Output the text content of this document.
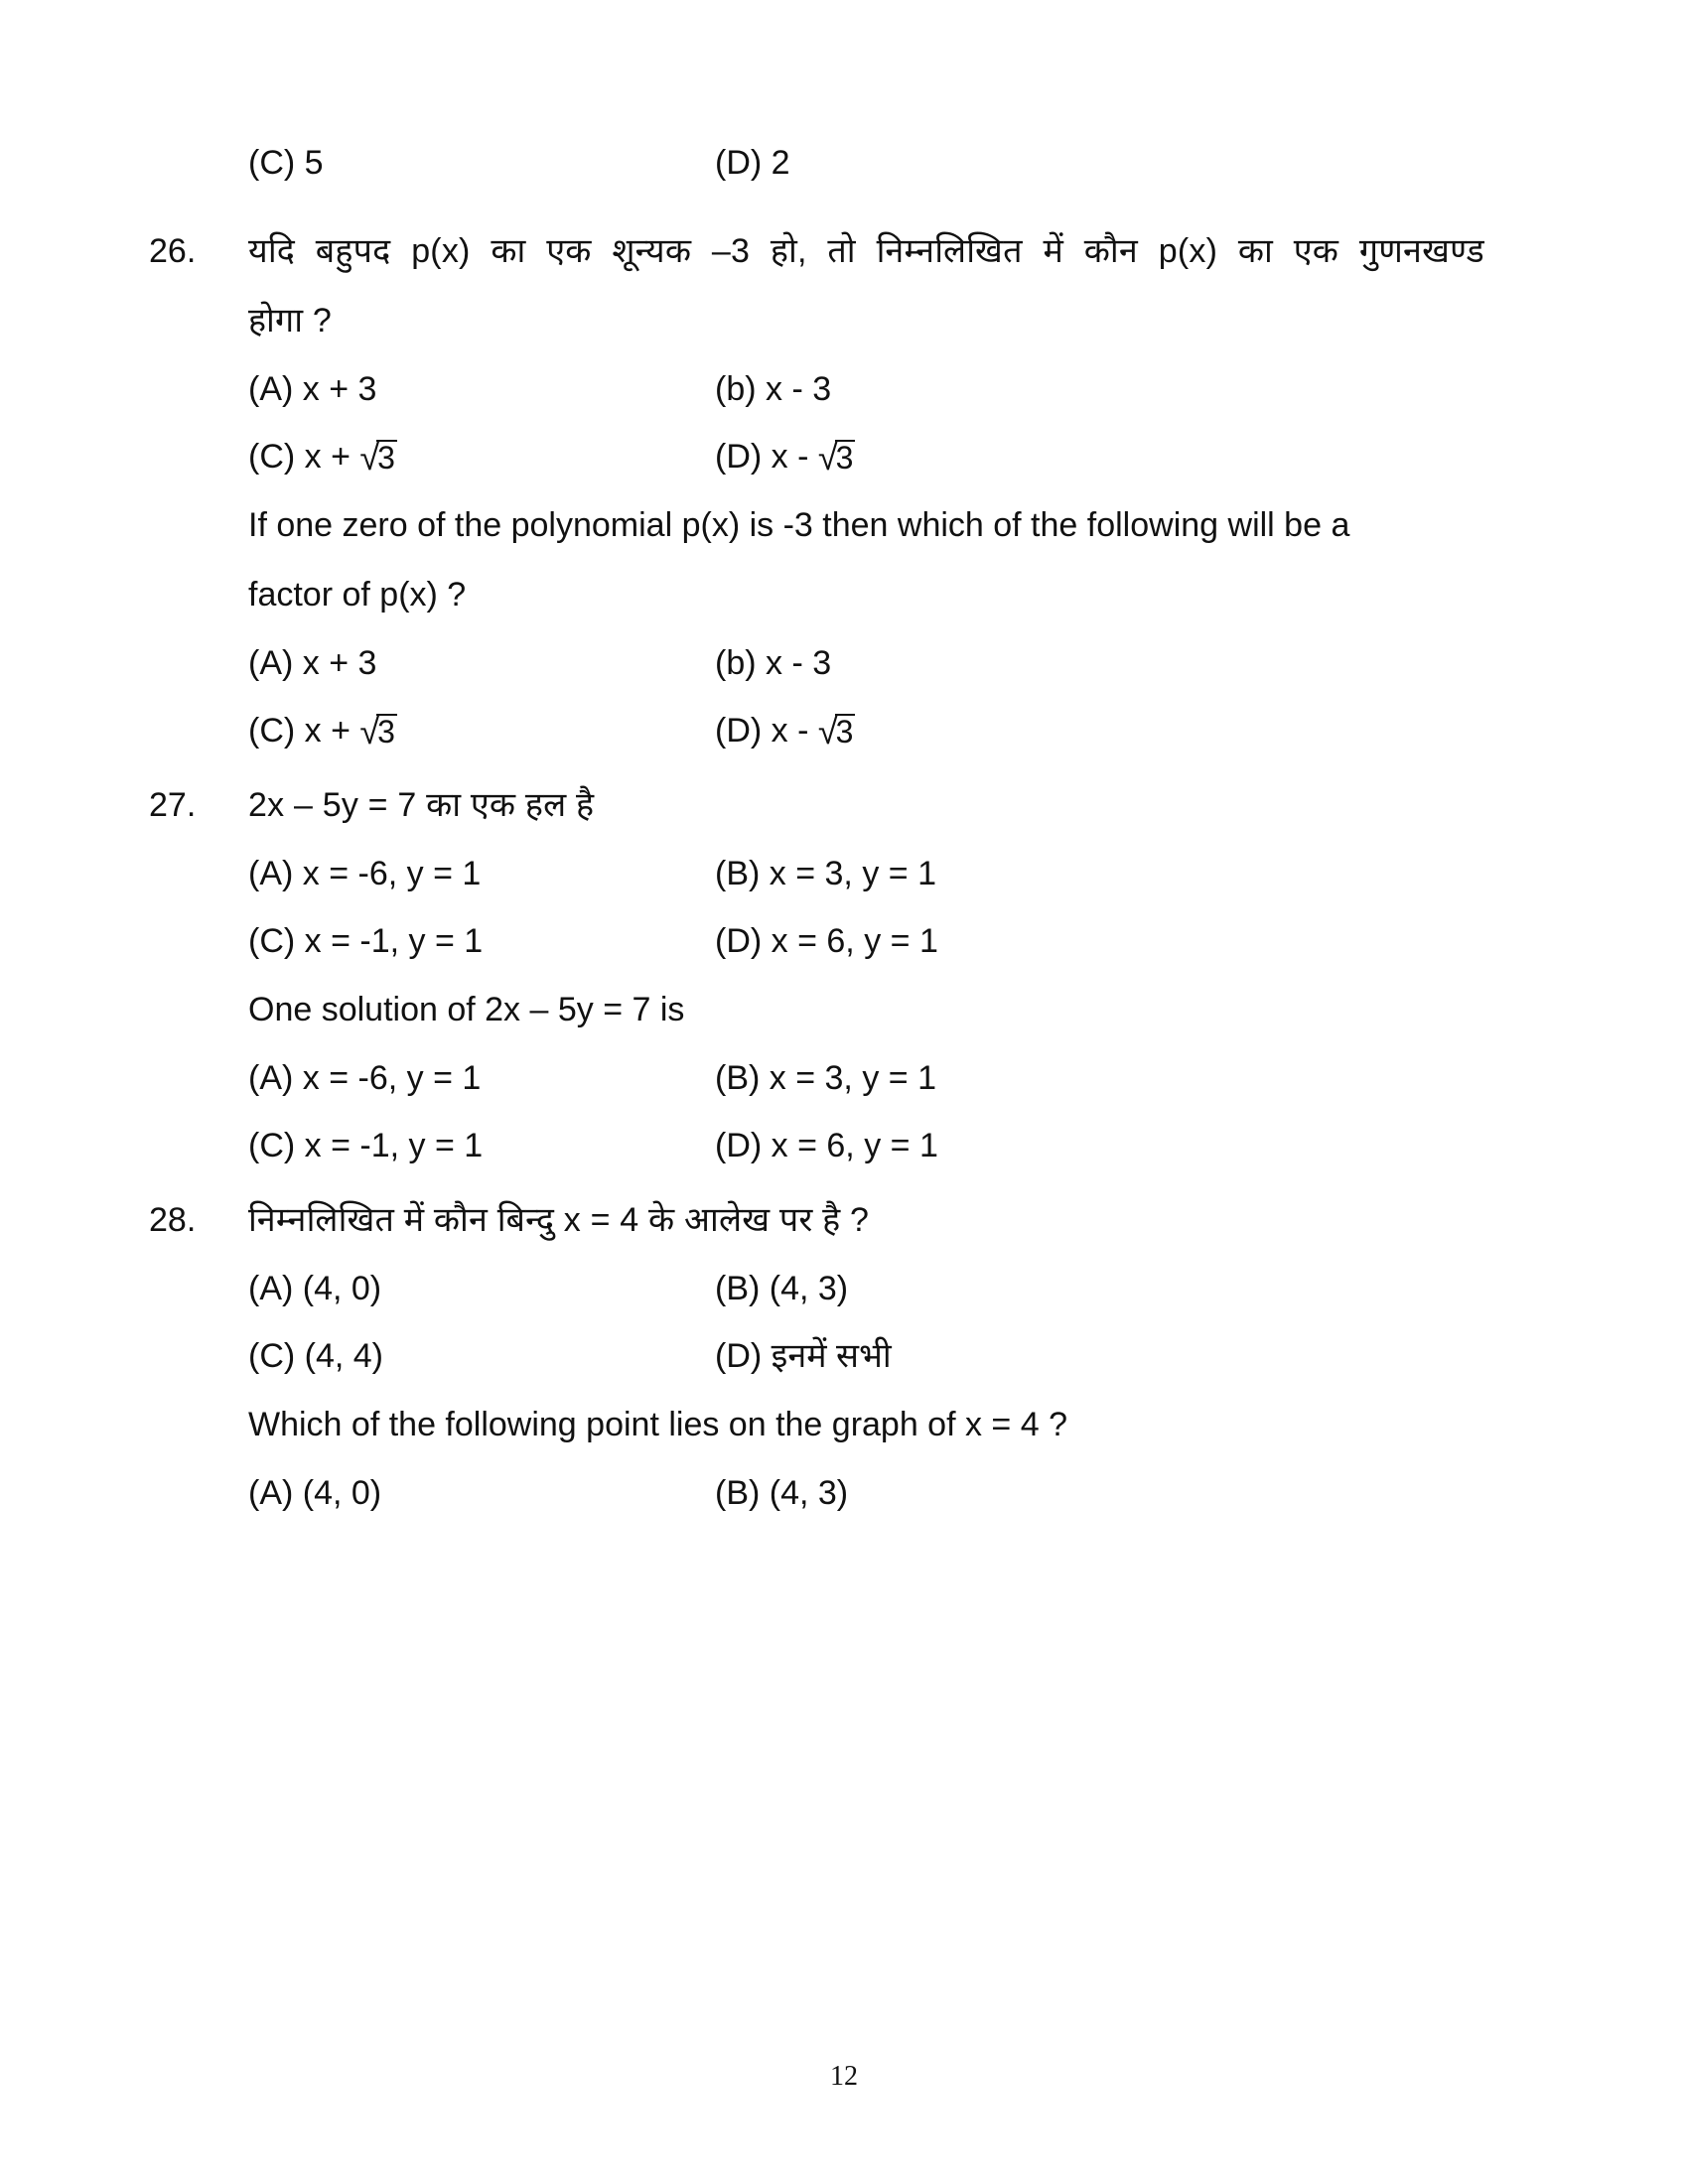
(C) 5	(D) 2
26.	यदि बहुपद p(x) का एक शून्यक –3 हो, तो निम्नलिखित में कौन p(x) का एक गुणनखण्ड
होगा ?
(A) x + 3	(b) x - 3
(C) x + √3	(D) x - √3
If one zero of the polynomial p(x) is -3 then which of the following will be a
factor of p(x) ?
(A) x + 3	(b) x - 3
(C) x + √3	(D) x - √3
27.	2x – 5y = 7 का एक हल है
(A) x = -6, y = 1	(B) x = 3, y = 1
(C) x = -1, y = 1	(D) x = 6, y = 1
One solution of 2x – 5y = 7 is
(A) x = -6, y = 1	(B) x = 3, y = 1
(C) x = -1, y = 1	(D) x = 6, y = 1
28.	निम्नलिखित में कौन बिन्दु x = 4 के आलेख पर है ?
(A) (4, 0)	(B) (4, 3)
(C) (4, 4)	(D) इनमें सभी
Which of the following point lies on the graph of x = 4 ?
(A) (4, 0)	(B) (4, 3)
12
